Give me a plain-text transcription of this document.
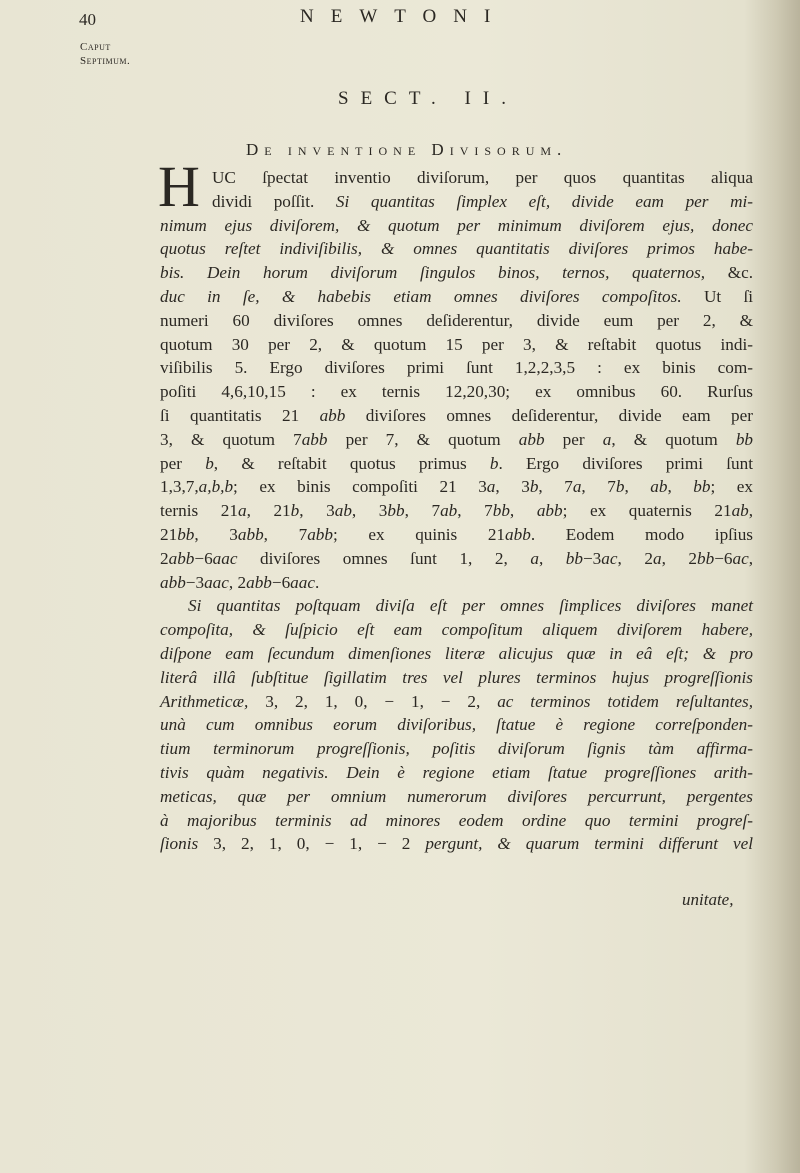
40
Caput
Septimum.
NEWTONI
SECT. II.
De inventione Divisorum.
H UC ſpectat inventio diviſorum, per quos quantitas aliqua
dividi poſſit. Si quantitas ſimplex eſt, divide eam per mi-
nimum ejus diviſorem, & quotum per minimum diviſorem ejus, donec
quotus reſtet indiviſibilis, & omnes quantitatis diviſores primos habe-
bis. Dein horum diviſorum ſingulos binos, ternos, quaternos, &c.
duc in ſe, & habebis etiam omnes diviſores compoſitos. Ut ſi
numeri 60 diviſores omnes deſiderentur, divide eum per 2, &
quotum 30 per 2, & quotum 15 per 3, & reſtabit quotus indi-
viſibilis 5. Ergo diviſores primi ſunt 1,2,2,3,5 : ex binis com-
poſiti 4,6,10,15 : ex ternis 12,20,30; ex omnibus 60. Rurſus
ſi quantitatis 21 abb diviſores omnes deſiderentur, divide eam per
3, & quotum 7abb per 7, & quotum abb per a, & quotum bb
per b, & reſtabit quotus primus b. Ergo diviſores primi ſunt
1,3,7,a,b,b; ex binis compoſiti 21 3a, 3b, 7a, 7b, ab, bb; ex
ternis 21a, 21b, 3ab, 3bb, 7ab, 7bb, abb; ex quaternis 21ab,
21bb, 3abb, 7abb; ex quinis 21abb. Eodem modo ipſius
2abb−6aac diviſores omnes ſunt 1, 2, a, bb−3ac, 2a, 2bb−6ac,
abb−3aac, 2abb−6aac.
Si quantitas poſtquam diviſa eſt per omnes ſimplices diviſores manet
compoſita, & ſuſpicio eſt eam compoſitum aliquem diviſorem habere,
diſpone eam ſecundum dimenſiones literæ alicujus quæ in eâ eſt; & pro
literâ illâ ſubſtitue ſigillatim tres vel plures terminos hujus progreſſionis
Arithmeticæ, 3, 2, 1, 0, − 1, − 2, ac terminos totidem reſultantes,
unà cum omnibus eorum diviſoribus, ſtatue è regione correſponden-
tium terminorum progreſſionis, poſitis diviſorum ſignis tàm affirma-
tivis quàm negativis. Dein è regione etiam ſtatue progreſſiones arith-
meticas, quæ per omnium numerorum diviſores percurrunt, pergentes
à majoribus terminis ad minores eodem ordine quo termini progreſ-
ſionis 3, 2, 1, 0, − 1, − 2 pergunt, & quarum termini differunt vel
unitate,
